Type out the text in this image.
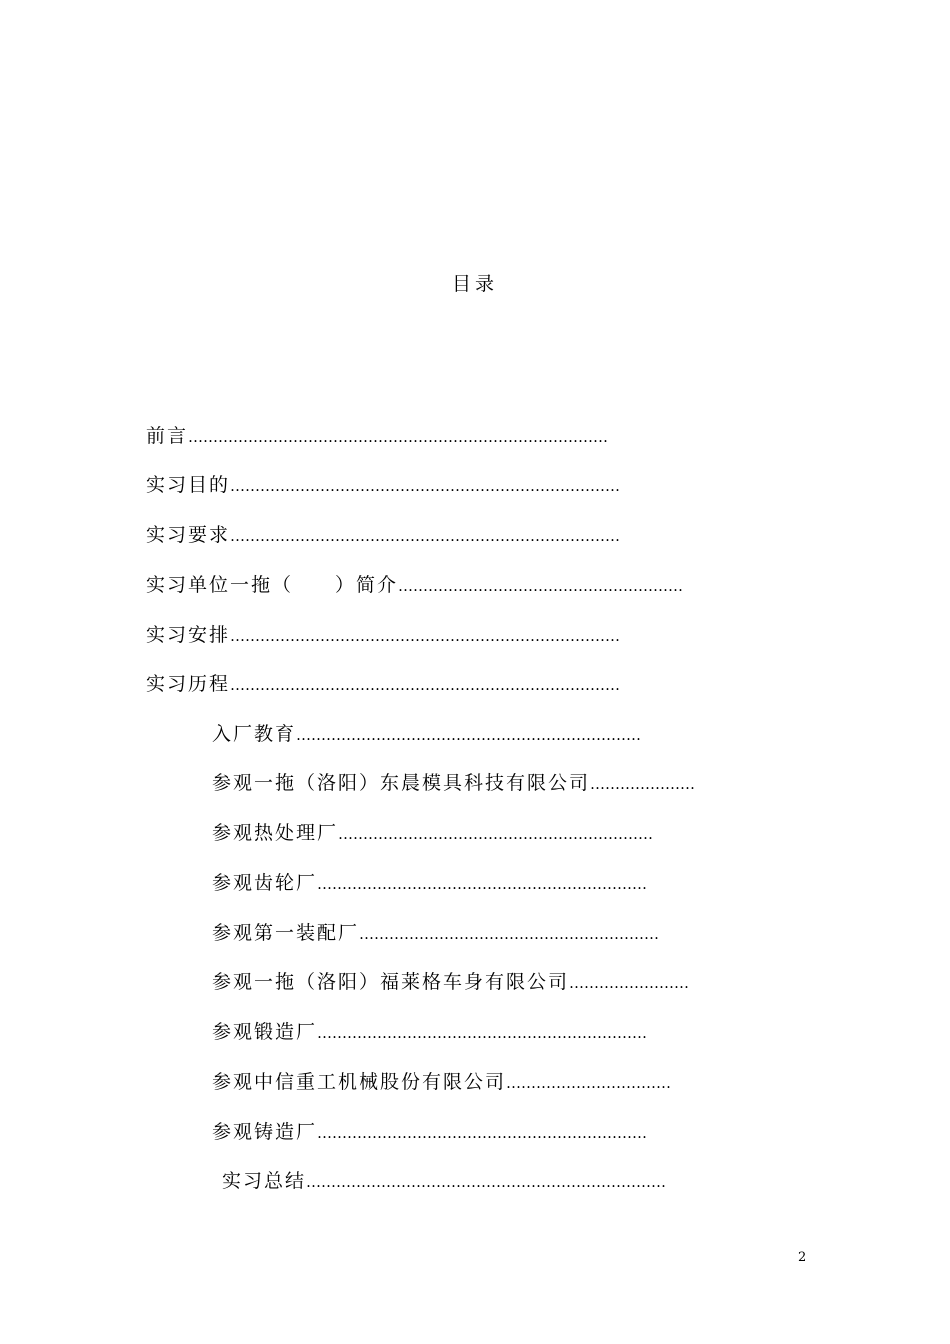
目录
前言…………………………………………………………………………
实习目的……………………………………………………………………
实习要求……………………………………………………………………
实习单位一拖（　　）简介…………………………………………………
实习安排……………………………………………………………………
实习历程……………………………………………………………………
入厂教育……………………………………………………………
参观一拖（洛阳）东晨模具科技有限公司…………………
参观热处理厂………………………………………………………
参观齿轮厂…………………………………………………………
参观第一装配厂……………………………………………………
参观一拖（洛阳）福莱格车身有限公司……………………
参观锻造厂…………………………………………………………
参观中信重工机械股份有限公司……………………………
参观铸造厂…………………………………………………………
实习总结………………………………………………………………
2
